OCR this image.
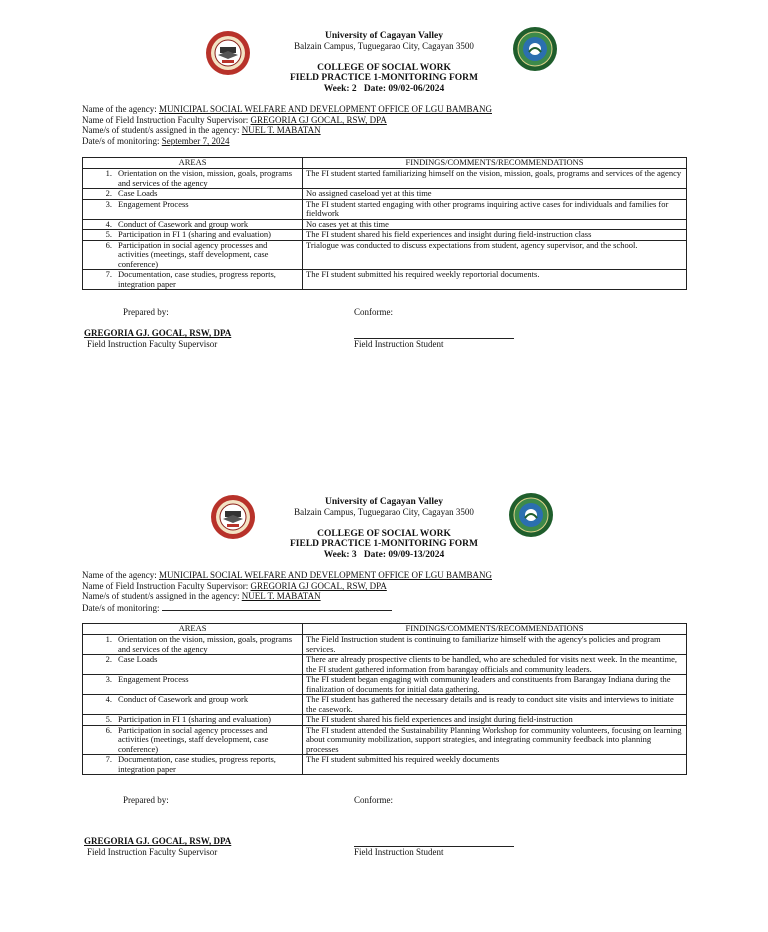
University of Cagayan Valley
Balzain Campus, Tuguegarao City, Cagayan 3500
COLLEGE OF SOCIAL WORK
FIELD PRACTICE 1-MONITORING FORM
Week: 2 Date: 09/02-06/2024
Name of the agency: MUNICIPAL SOCIAL WELFARE AND DEVELOPMENT OFFICE OF LGU BAMBANG
Name of Field Instruction Faculty Supervisor: GREGORIA GJ GOCAL, RSW, DPA
Name/s of student/s assigned in the agency: NUEL T. MABATAN
Date/s of monitoring: September 7, 2024
AREAS	FINDINGS/COMMENTS/RECOMMENDATIONS

1. Orientation on the vision, mission, goals, programs and services of the agency	The FI student started familiarizing himself on the vision, mission, goals, programs and services of the agency

2. Case Loads	No assigned caseload yet at this time

3. Engagement Process	The FI student started engaging with other programs inquiring active cases for individuals and families for fieldwork

4. Conduct of Casework and group work	No cases yet at this time

5. Participation in FI 1 (sharing and evaluation)	The FI student shared his field experiences and insight during field-instruction class

6. Participation in social agency processes and activities (meetings, staff development, case conference)	Trialogue was conducted to discuss expectations from student, agency supervisor, and the school.

7. Documentation, case studies, progress reports, integration paper	The FI student submitted his required weekly reportorial documents.
Prepared by:	Conforme:
GREGORIA GJ. GOCAL, RSW, DPA
Field Instruction Faculty Supervisor	Field Instruction Student
University of Cagayan Valley
Balzain Campus, Tuguegarao City, Cagayan 3500
COLLEGE OF SOCIAL WORK
FIELD PRACTICE 1-MONITORING FORM
Week: 3 Date: 09/09-13/2024
Name of the agency: MUNICIPAL SOCIAL WELFARE AND DEVELOPMENT OFFICE OF LGU BAMBANG
Name of Field Instruction Faculty Supervisor: GREGORIA GJ GOCAL, RSW, DPA
Name/s of student/s assigned in the agency: NUEL T. MABATAN
Date/s of monitoring:
AREAS	FINDINGS/COMMENTS/RECOMMENDATIONS

1. Orientation on the vision, mission, goals, programs and services of the agency	The Field Instruction student is continuing to familiarize himself with the agency's policies and program services.

2. Case Loads	There are already prospective clients to be handled, who are scheduled for visits next week. In the meantime, the FI student gathered information from barangay officials and community leaders.

3. Engagement Process	The FI student began engaging with community leaders and constituents from Barangay Indiana during the finalization of documents for initial data gathering.

4. Conduct of Casework and group work	The FI student has gathered the necessary details and is ready to conduct site visits and interviews to initiate the casework.

5. Participation in FI 1 (sharing and evaluation)	The FI student shared his field experiences and insight during field-instruction

6. Participation in social agency processes and activities (meetings, staff development, case conference)	The FI student attended the Sustainability Planning Workshop for community volunteers, focusing on learning about community mobilization, support strategies, and integrating community feedback into planning processes

7. Documentation, case studies, progress reports, integration paper	The FI student submitted his required weekly documents
Prepared by:	Conforme:
GREGORIA GJ. GOCAL, RSW, DPA
Field Instruction Faculty Supervisor	Field Instruction Student
